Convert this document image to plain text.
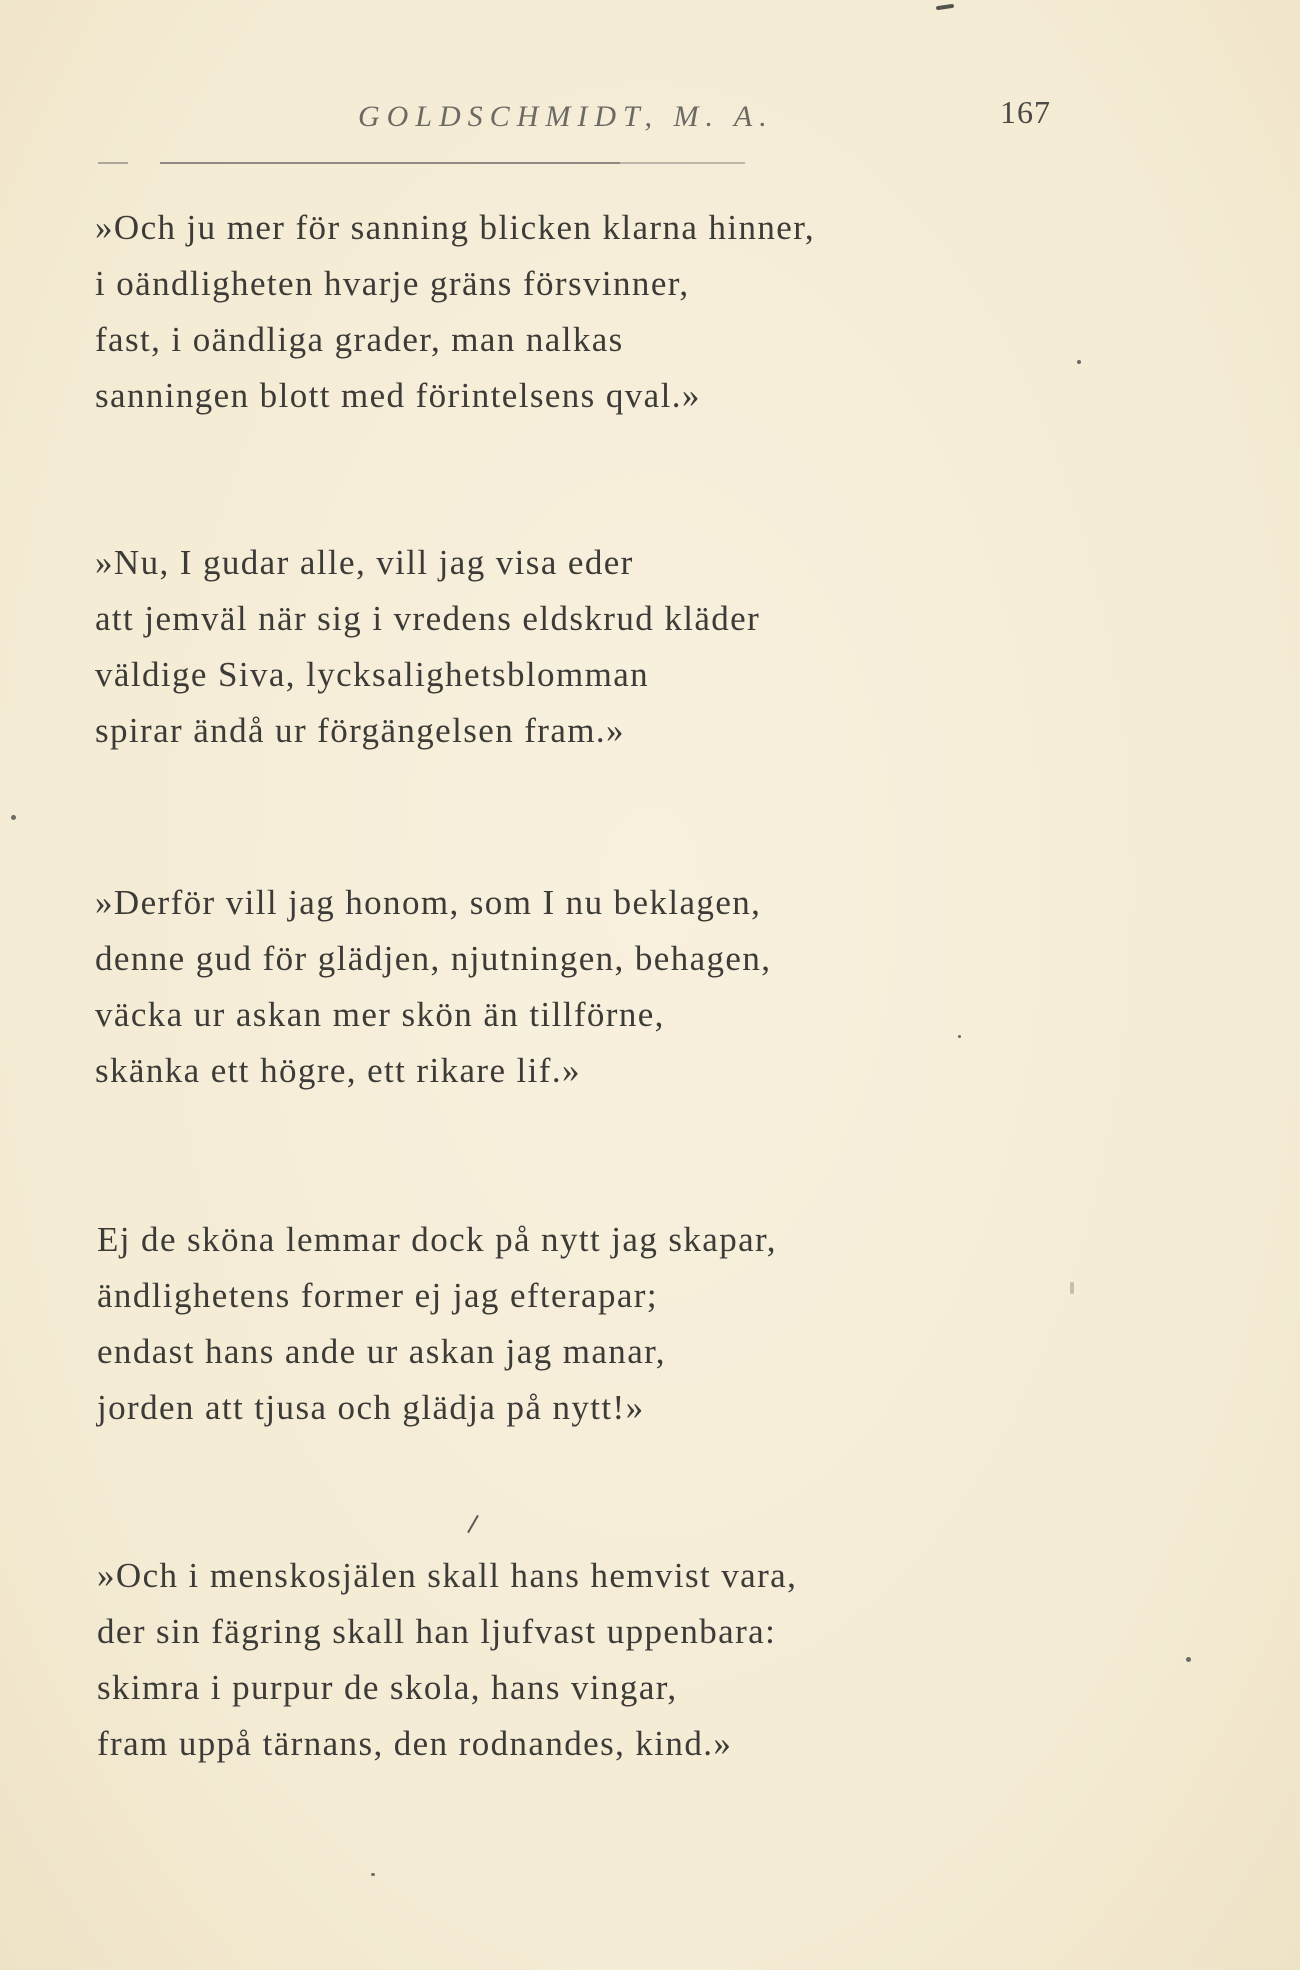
GOLDSCHMIDT, M. A.	167
»Och ju mer för sanning blicken klarna hinner,
i oändligheten hvarje gräns försvinner,
fast, i oändliga grader, man nalkas
sanningen blott med förintelsens qval.»
»Nu, I gudar alle, vill jag visa eder
att jemväl när sig i vredens eldskrud kläder
väldige Siva, lycksalighetsblomman
spirar ändå ur förgängelsen fram.»
»Derför vill jag honom, som I nu beklagen,
denne gud för glädjen, njutningen, behagen,
väcka ur askan mer skön än tillförne,
skänka ett högre, ett rikare lif.»
Ej de sköna lemmar dock på nytt jag skapar,
ändlighetens former ej jag efterapar;
endast hans ande ur askan jag manar,
jorden att tjusa och glädja på nytt!»
»Och i menskosjälen skall hans hemvist vara,
der sin fägring skall han ljufvast uppenbara:
skimra i purpur de skola, hans vingar,
fram uppå tärnans, den rodnandes, kind.»
